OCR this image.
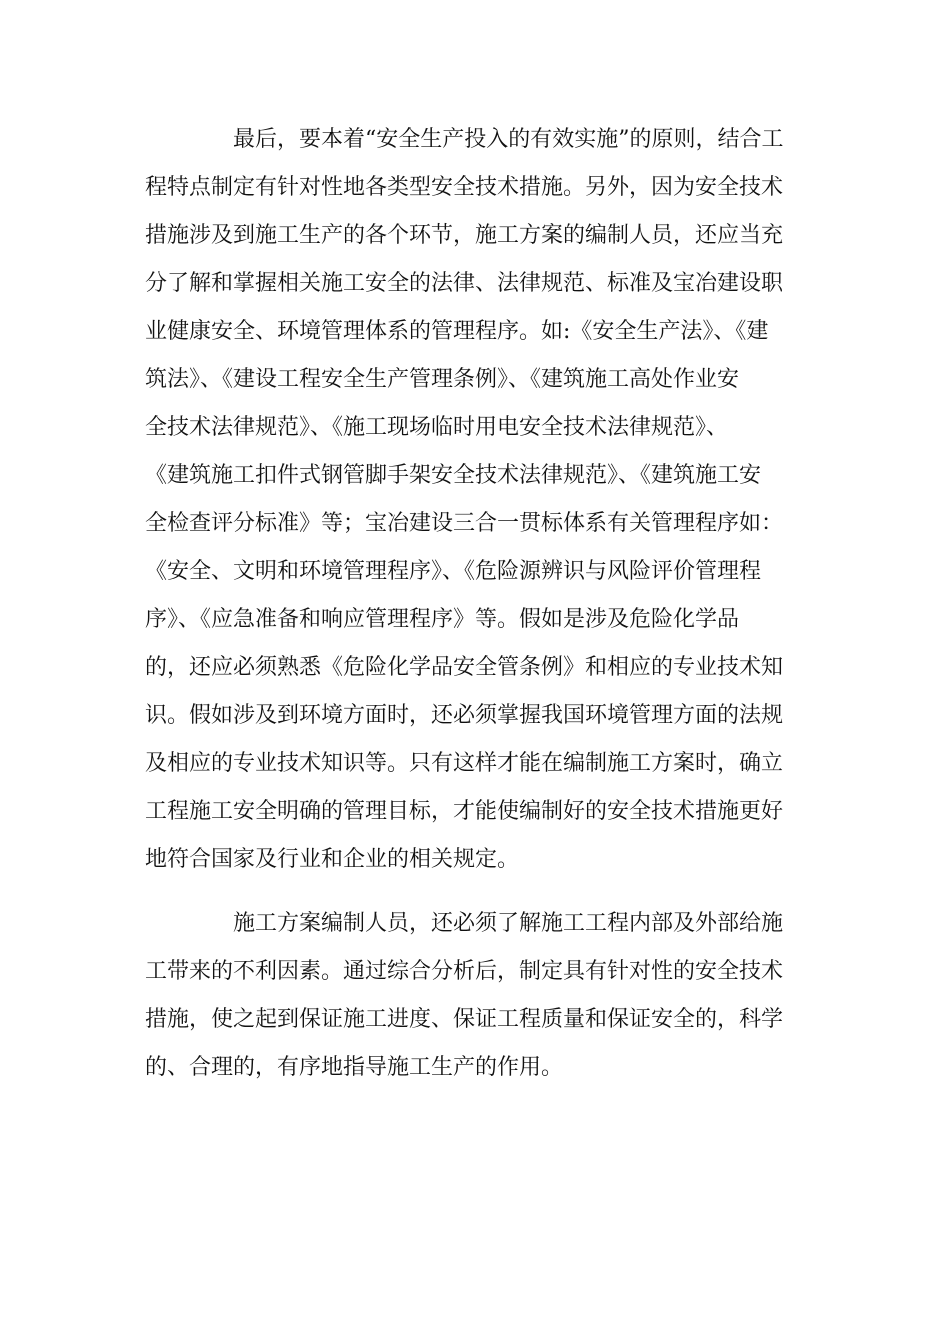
最后，要本着“安全生产投入的有效实施”的原则，结合工
程特点制定有针对性地各类型安全技术措施。另外，因为安全技术
措施涉及到施工生产的各个环节，施工方案的编制人员，还应当充
分了解和掌握相关施工安全的法律、法律规范、标准及宝冶建设职
业健康安全、环境管理体系的管理程序。如:《安全生产法》、《建
筑法》、《建设工程安全生产管理条例》、《建筑施工高处作业安
全技术法律规范》、《施工现场临时用电安全技术法律规范》、
《建筑施工扣件式钢管脚手架安全技术法律规范》、《建筑施工安
全检查评分标准》等；宝冶建设三合一贯标体系有关管理程序如：
《安全、文明和环境管理程序》、《危险源辨识与风险评价管理程
序》、《应急准备和响应管理程序》等。假如是涉及危险化学品
的，还应必须熟悉《危险化学品安全管条例》和相应的专业技术知
识。假如涉及到环境方面时，还必须掌握我国环境管理方面的法规
及相应的专业技术知识等。只有这样才能在编制施工方案时，确立
工程施工安全明确的管理目标，才能使编制好的安全技术措施更好
地符合国家及行业和企业的相关规定。
施工方案编制人员，还必须了解施工工程内部及外部给施
工带来的不利因素。通过综合分析后，制定具有针对性的安全技术
措施，使之起到保证施工进度、保证工程质量和保证安全的，科学
的、合理的，有序地指导施工生产的作用。
